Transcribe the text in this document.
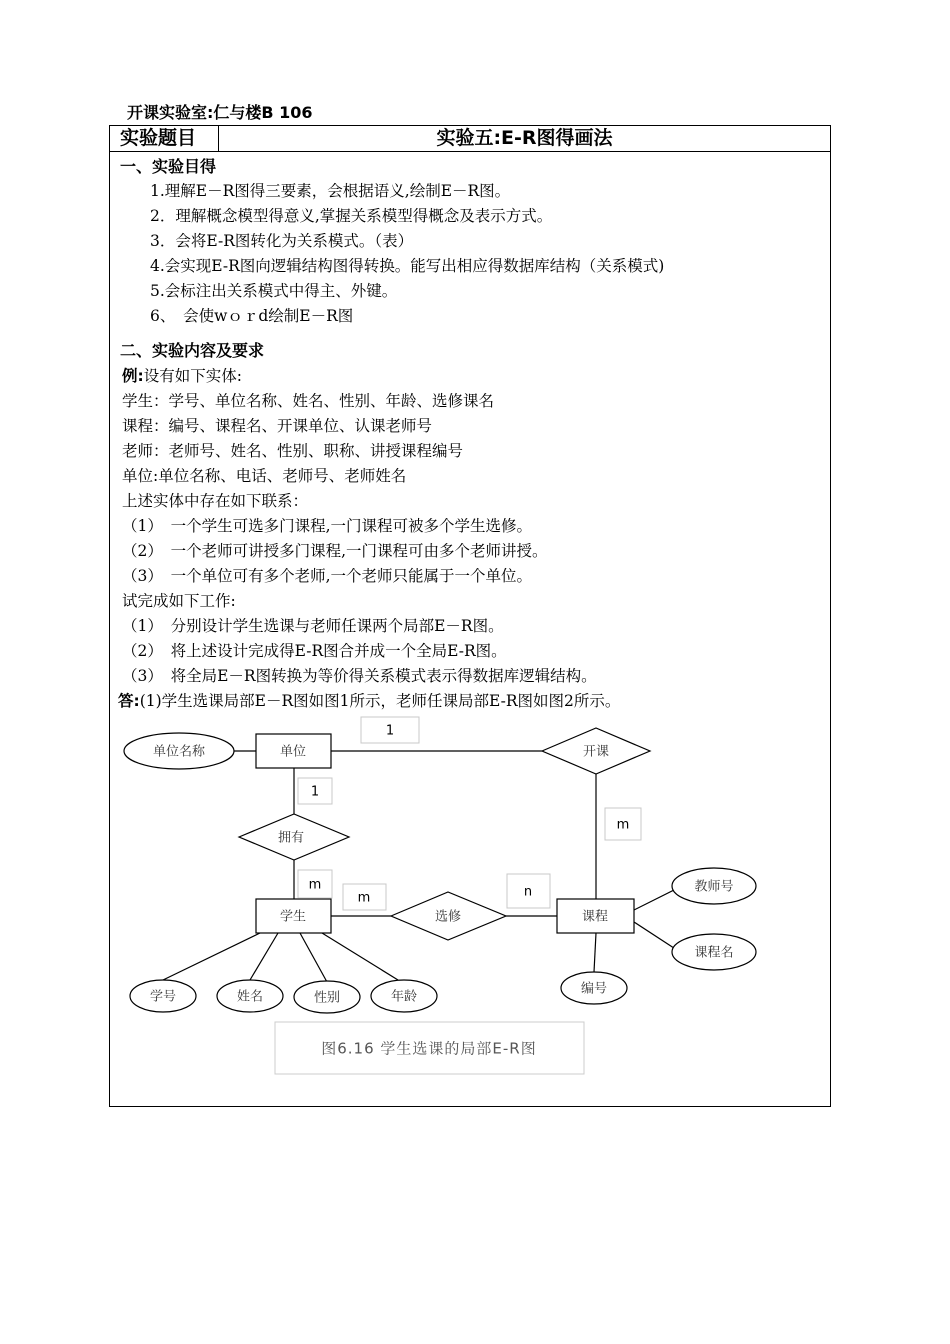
开课实验室:仁与楼B 106
实验题目	实验五:E-R图得画法
一、实验目得
1.理解E－R图得三要素，会根据语义,绘制E－R图。
2．理解概念模型得意义,掌握关系模型得概念及表示方式。
3．会将E-R图转化为关系模式。（表）
4.会实现E-R图向逻辑结构图得转换。能写出相应得数据库结构（关系模式)
5.会标注出关系模式中得主、外键。
6、　会使wｏｒd绘制E－R图
二、实验内容及要求
例:设有如下实体:
学生：学号、单位名称、姓名、性别、年龄、选修课名
课程：编号、课程名、开课单位、认课老师号
老师：老师号、姓名、性别、职称、讲授课程编号
单位:单位名称、电话、老师号、老师姓名
上述实体中存在如下联系：
（1）　一个学生可选多门课程,一门课程可被多个学生选修。
（2）　一个老师可讲授多门课程,一门课程可由多个老师讲授。
（3）　一个单位可有多个老师,一个老师只能属于一个单位。
试完成如下工作:
（1）　分别设计学生选课与老师任课两个局部E－R图。
（2）　将上述设计完成得E-R图合并成一个全局E-R图。
（3）　将全局E－R图转换为等价得关系模式表示得数据库逻辑结构。
答:(1)学生选课局部E－R图如图1所示，老师任课局部E-R图如图2所示。
单位
学生	课程
开课
拥有
选修
单位名称
学号	姓名	性别	年龄
教师号
课程名
编号
1
1
m
m
m	n
图6.16 学生选课的局部E-R图
